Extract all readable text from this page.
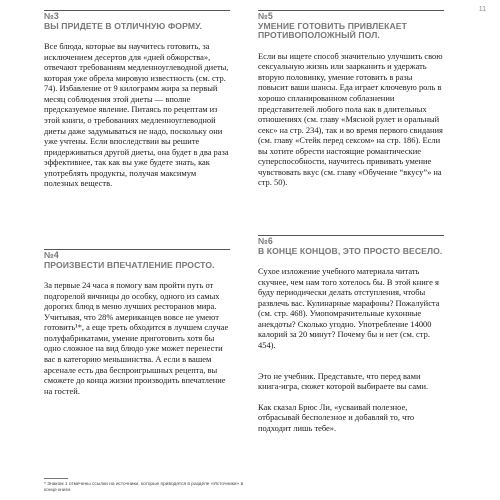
11
№3
ВЫ ПРИДЕТЕ В ОТЛИЧНУЮ ФОРМУ.

Все блюда, которые вы научитесь готовить, за исключением десертов для «дней обжорства», отвечают требованиям медленноуглеводной диеты, которая уже обрела мировую известность (см. стр. 74). Избавление от 9 килограмм жира за первый месяц соблюдения этой диеты — вполне предсказуемое явление. Питаясь по рецептам из этой книги, о требованиях медленноуглеводной диеты даже задумываться не надо, поскольку они уже учтены. Если впоследствии вы решите придерживаться другой диеты, она будет в два раза эффективнее, так как вы уже будете знать, как употреблять продукты, получая максимум полезных веществ.

№4
ПРОИЗВЕСТИ ВПЕЧАТЛЕНИЕ ПРОСТО.

За первые 24 часа я помогу вам пройти путь от подгорелой яичницы до особку, одного из самых дорогих блюд в меню лучших ресторанов мира. Учитывая, что 28% американцев вовсе не умеют готовить¹*, а еще треть обходится в лучшем случае полуфабрикатами, умение приготовить хотя бы одно сложное на вид блюдо уже может перенести вас в категорию меньшинства. А если в вашем арсенале есть два беспроигрышных рецепта, вы сможете до конца жизни производить впечатление на гостей.

№5
УМЕНИЕ ГОТОВИТЬ ПРИВЛЕКАЕТ ПРОТИВОПОЛОЖНЫЙ ПОЛ.

Если вы ищете способ значительно улучшить свою сексуальную жизнь или заарканить и удержать вторую половинку, умение готовить в разы повысит ваши шансы. Еда играет ключевую роль в хорошо спланированном соблазнении представителей любого пола как в длительных отношениях (см. главу «Мясной рулет и оральный секс» на стр. 234), так и во время первого свидания (см. главу «Стейк перед сексом» на стр. 186). Если вы хотите обрести настоящие романтические суперспособности, научитесь прививать умение чувствовать вкус (см. главу «Обучение “вкусу”» на стр. 50).

№6
В КОНЦЕ КОНЦОВ, ЭТО ПРОСТО ВЕСЕЛО.

Сухое изложение учебного материала читать скучнее, чем нам того хотелось бы. В этой книге я буду периодически делать отступления, чтобы развлечь вас. Кулинарные марафоны? Пожалуйста (см. стр. 468). Умопомрачительные кухонные анекдоты? Сколько угодно. Употребление 14000 калорий за 20 минут? Почему бы и нет (см. стр. 454).

Это не учебник. Представьте, что перед вами книга-игра, сюжет которой выбираете вы сами.

Как сказал Брюс Ли, «усваивай полезное, отбрасывай бесполезное и добавляй то, что подходит лишь тебе».

* Знаком 1 отмечены ссылки на источники, которые приводятся в разделе «Источники» в конце книги.
